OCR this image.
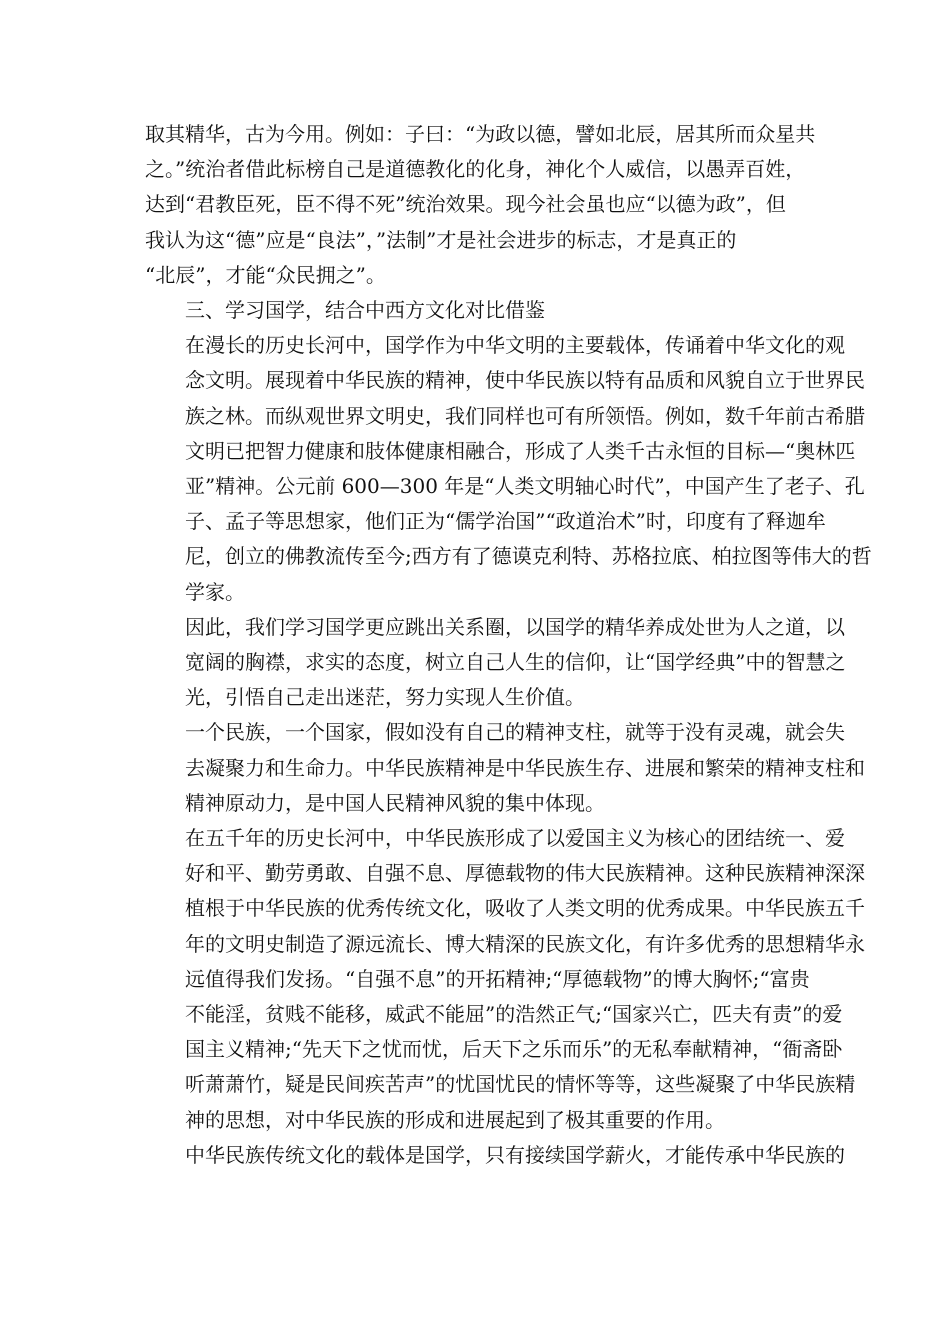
取其精华，古为今用。例如：子曰：“为政以德，譬如北辰，居其所而众星共
之。”统治者借此标榜自己是道德教化的化身，神化个人威信，以愚弄百姓，
达到“君教臣死，臣不得不死”统治效果。现今社会虽也应“以德为政”，但
我认为这“德”应是“良法”，”法制”才是社会进步的标志，才是真正的
“北辰”，才能“众民拥之”。
三、学习国学，结合中西方文化对比借鉴
在漫长的历史长河中，国学作为中华文明的主要载体，传诵着中华文化的观
念文明。展现着中华民族的精神，使中华民族以特有品质和风貌自立于世界民
族之林。而纵观世界文明史，我们同样也可有所领悟。例如，数千年前古希腊
文明已把智力健康和肢体健康相融合，形成了人类千古永恒的目标—“奥林匹
亚”精神。公元前 600—300 年是“人类文明轴心时代”，中国产生了老子、孔
子、孟子等思想家，他们正为“儒学治国”“政道治术”时，印度有了释迦牟
尼，创立的佛教流传至今;西方有了德谟克利特、苏格拉底、柏拉图等伟大的哲
学家。
因此，我们学习国学更应跳出关系圈，以国学的精华养成处世为人之道，以
宽阔的胸襟，求实的态度，树立自己人生的信仰，让“国学经典”中的智慧之
光，引悟自己走出迷茫，努力实现人生价值。
一个民族，一个国家，假如没有自己的精神支柱，就等于没有灵魂，就会失
去凝聚力和生命力。中华民族精神是中华民族生存、进展和繁荣的精神支柱和
精神原动力，是中国人民精神风貌的集中体现。
在五千年的历史长河中，中华民族形成了以爱国主义为核心的团结统一、爱
好和平、勤劳勇敢、自强不息、厚德载物的伟大民族精神。这种民族精神深深
植根于中华民族的优秀传统文化，吸收了人类文明的优秀成果。中华民族五千
年的文明史制造了源远流长、博大精深的民族文化，有许多优秀的思想精华永
远值得我们发扬。“自强不息”的开拓精神;“厚德载物”的博大胸怀;“富贵
不能淫，贫贱不能移，威武不能屈”的浩然正气;“国家兴亡，匹夫有责”的爱
国主义精神;“先天下之忧而忧，后天下之乐而乐”的无私奉献精神，“衙斋卧
听萧萧竹，疑是民间疾苦声”的忧国忧民的情怀等等，这些凝聚了中华民族精
神的思想，对中华民族的形成和进展起到了极其重要的作用。
中华民族传统文化的载体是国学，只有接续国学薪火，才能传承中华民族的
